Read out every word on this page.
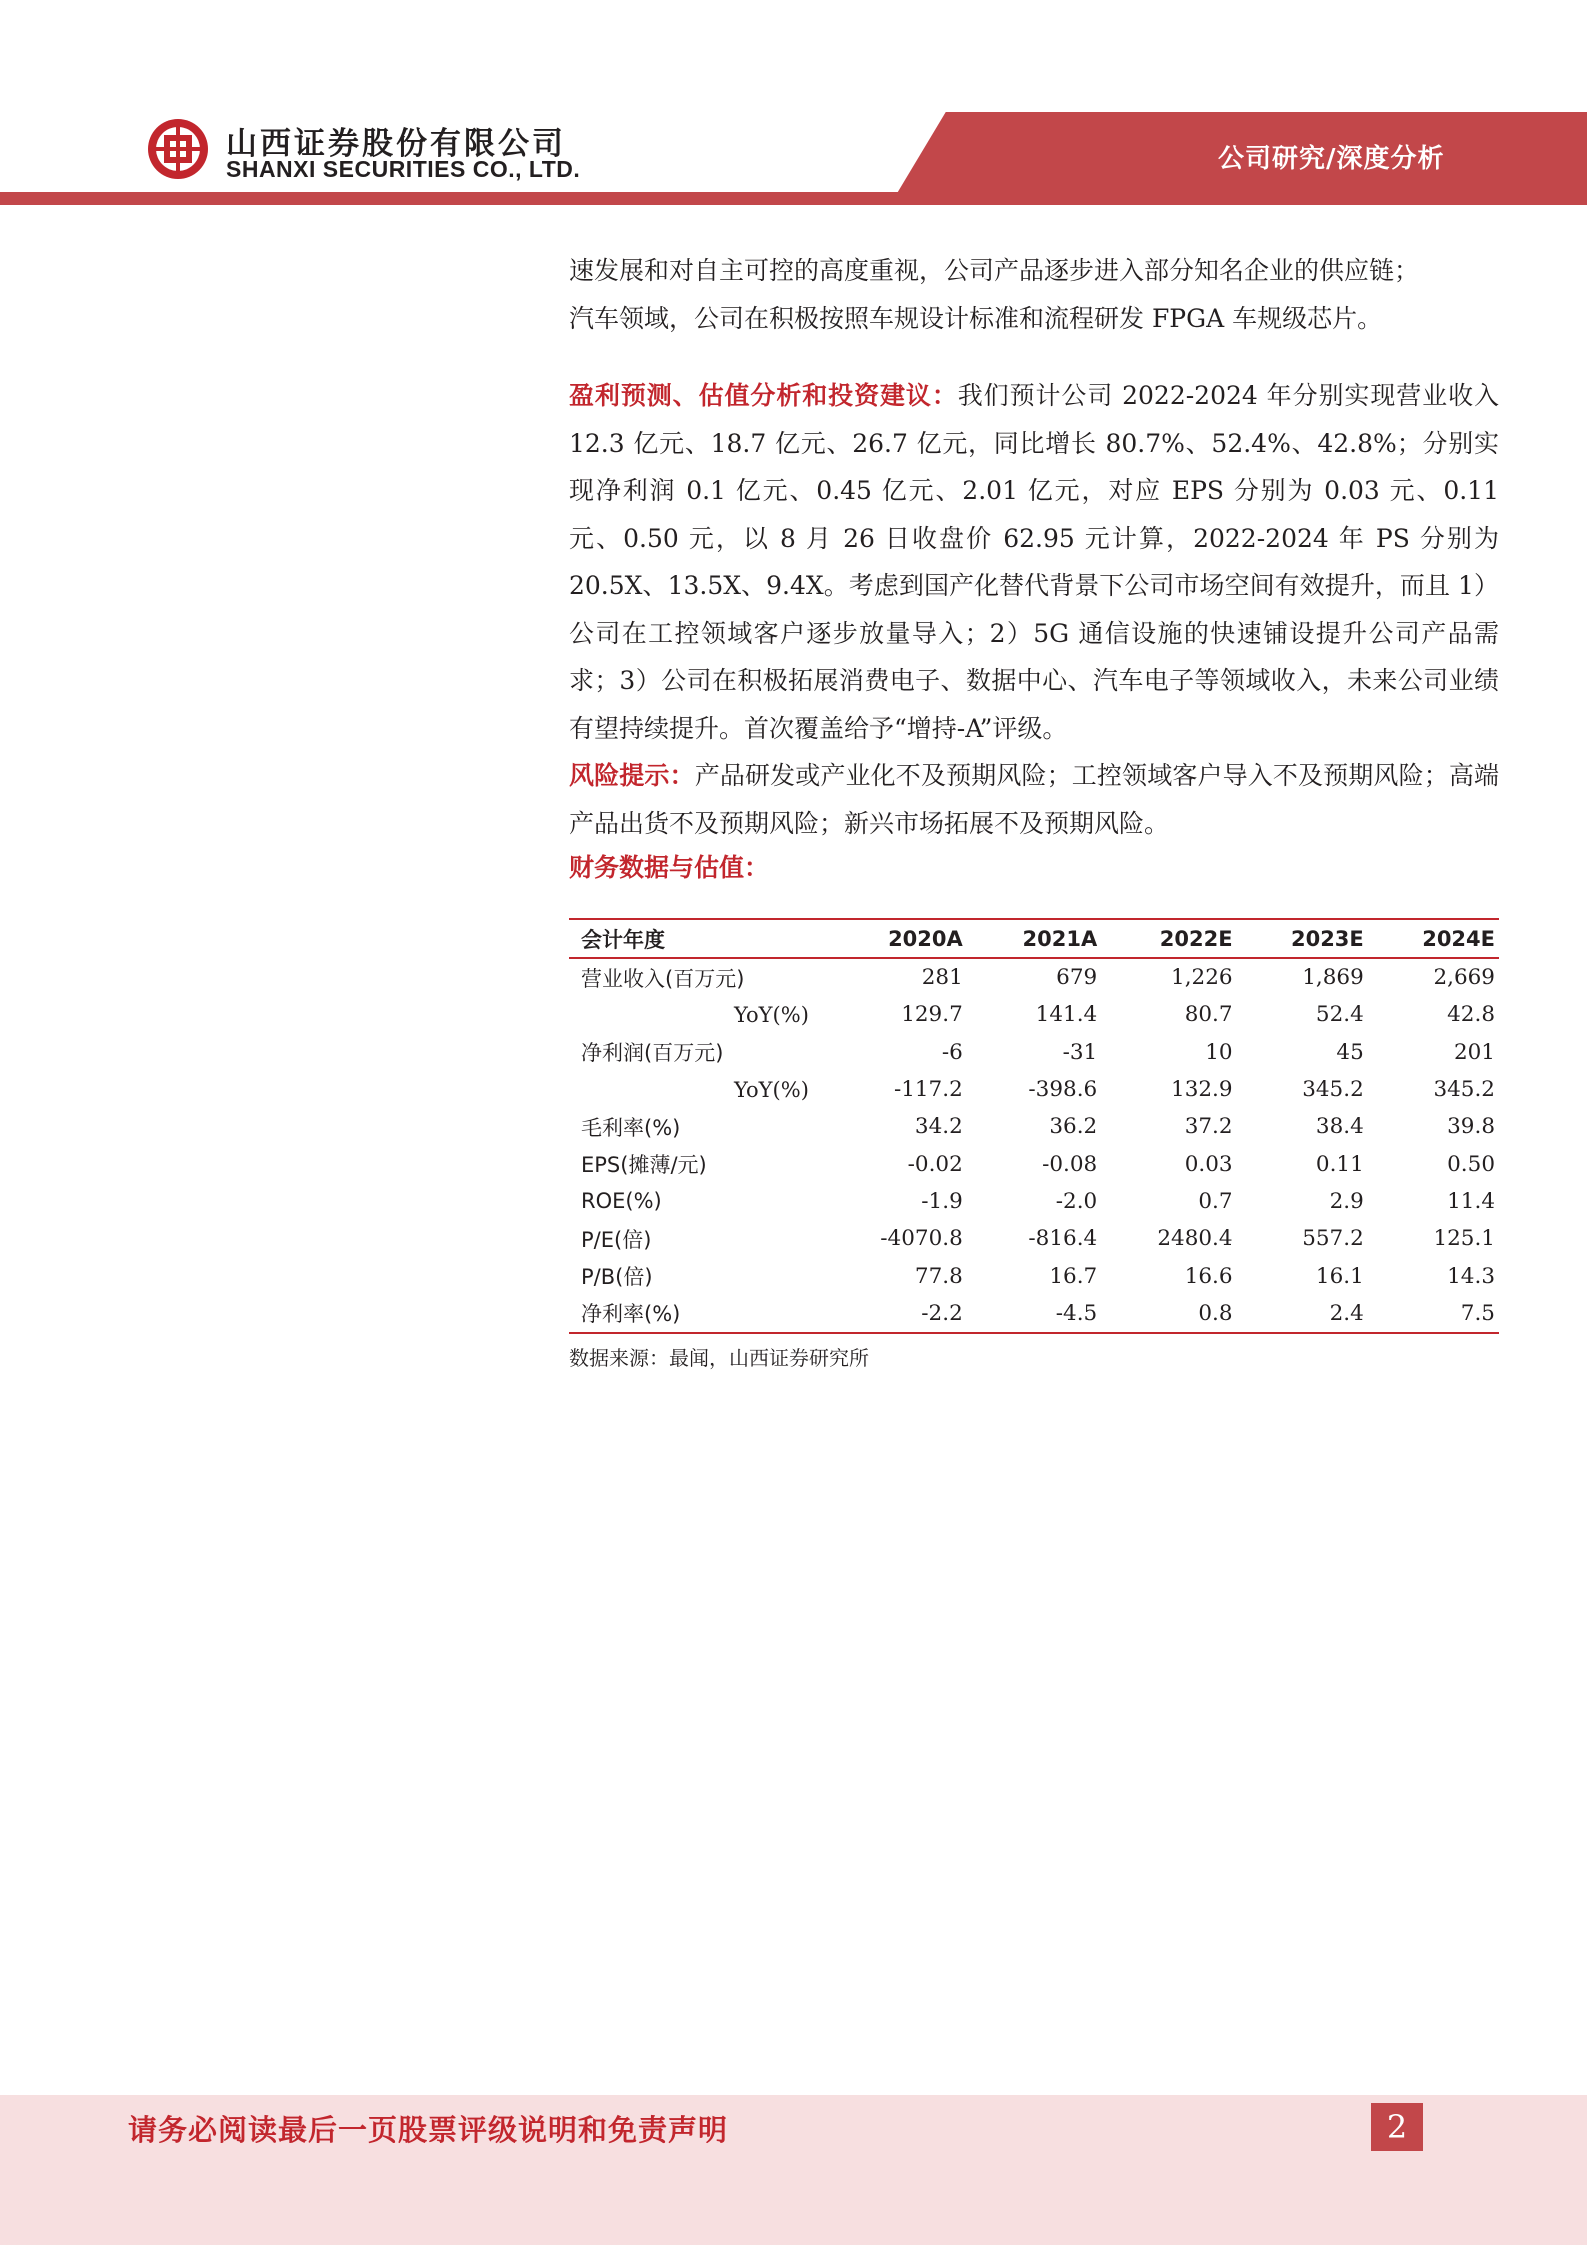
山西证券股份有限公司
SHANXI SECURITIES CO., LTD.	公司研究/深度分析

速发展和对自主可控的高度重视，公司产品逐步进入部分知名企业的供应链；

汽车领域，公司在积极按照车规设计标准和流程研发 FPGA 车规级芯片。

盈利预测、估值分析和投资建议：我们预计公司 2022-2024 年分别实现营业收入 12.3 亿元、18.7 亿元、26.7 亿元，同比增长 80.7%、52.4%、42.8%；分别实现净利润 0.1 亿元、0.45 亿元、2.01 亿元，对应 EPS 分别为 0.03 元、0.11 元、0.50 元，以 8 月 26 日收盘价 62.95 元计算，2022-2024 年 PS 分别为 20.5X、13.5X、9.4X。考虑到国产化替代背景下公司市场空间有效提升，而且 1）公司在工控领域客户逐步放量导入；2）5G 通信设施的快速铺设提升公司产品需求；3）公司在积极拓展消费电子、数据中心、汽车电子等领域收入，未来公司业绩有望持续提升。首次覆盖给予“增持-A”评级。

风险提示：产品研发或产业化不及预期风险；工控领域客户导入不及预期风险；高端产品出货不及预期风险；新兴市场拓展不及预期风险。

财务数据与估值：

会计年度	2020A	2021A	2022E	2023E	2024E
营业收入(百万元)	281	679	1,226	1,869	2,669
YoY(%)	129.7	141.4	80.7	52.4	42.8
净利润(百万元)	-6	-31	10	45	201
YoY(%)	-117.2	-398.6	132.9	345.2	345.2
毛利率(%)	34.2	36.2	37.2	38.4	39.8
EPS(摊薄/元)	-0.02	-0.08	0.03	0.11	0.50
ROE(%)	-1.9	-2.0	0.7	2.9	11.4
P/E(倍)	-4070.8	-816.4	2480.4	557.2	125.1
P/B(倍)	77.8	16.7	16.6	16.1	14.3
净利率(%)	-2.2	-4.5	0.8	2.4	7.5
数据来源：最闻，山西证券研究所
请务必阅读最后一页股票评级说明和免责声明	2
